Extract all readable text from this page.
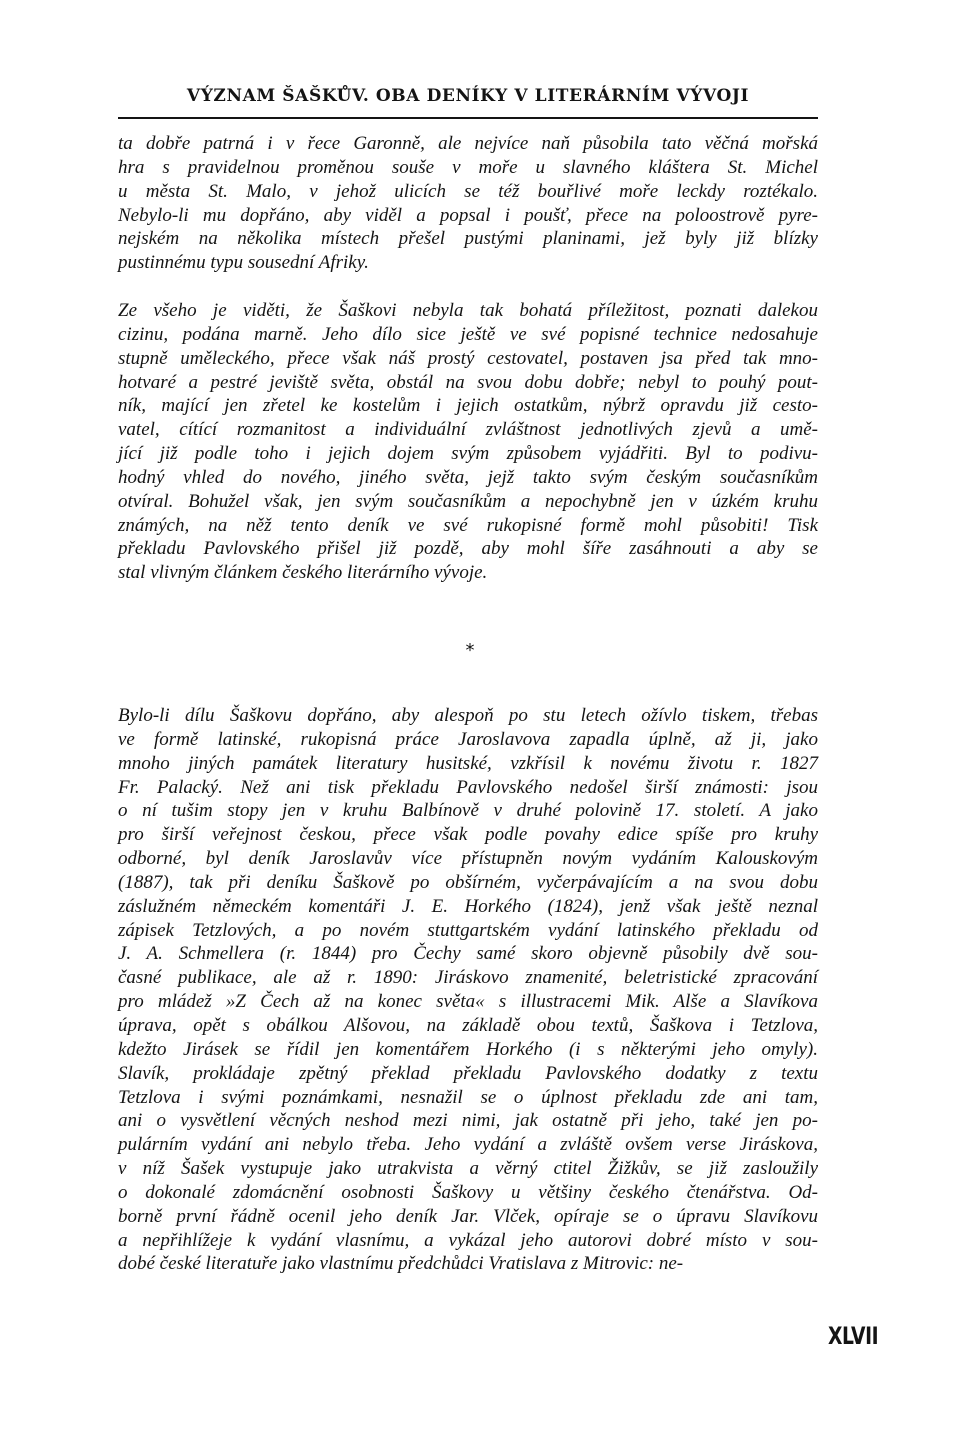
VÝZNAM ŠAŠKŮV. OBA DENÍKY V LITERÁRNÍM VÝVOJI
ta dobře patrná i v řece Garonně, ale nejvíce naň působila tato věčná mořská
hra s pravidelnou proměnou souše v moře u slavného kláštera St. Michel
u města St. Malo, v jehož ulicích se též bouřlivé moře leckdy roztékalo.
Nebylo-li mu dopřáno, aby viděl a popsal i poušť, přece na poloostrově pyre-
nejském na několika místech přešel pustými planinami, jež byly již blízky
pustinnému typu sousední Afriky.
Ze všeho je viděti, že Šaškovi nebyla tak bohatá příležitost, poznati dalekou
cizinu, podána marně. Jeho dílo sice ještě ve své popisné technice nedosahuje
stupně uměleckého, přece však náš prostý cestovatel, postaven jsa před tak mno-
hotvaré a pestré jeviště světa, obstál na svou dobu dobře; nebyl to pouhý pout-
ník, mající jen zřetel ke kostelům i jejich ostatkům, nýbrž opravdu již cesto-
vatel, cítící rozmanitost a individuální zvláštnost jednotlivých zjevů a umě-
jící již podle toho i jejich dojem svým způsobem vyjádřiti. Byl to podivu-
hodný vhled do nového, jiného světa, jejž takto svým českým současníkům
otvíral. Bohužel však, jen svým současníkům a nepochybně jen v úzkém kruhu
známých, na něž tento deník ve své rukopisné formě mohl působiti! Tisk
překladu Pavlovského přišel již pozdě, aby mohl šíře zasáhnouti a aby se
stal vlivným článkem českého literárního vývoje.
*
Bylo-li dílu Šaškovu dopřáno, aby alespoň po stu letech ožívlo tiskem, třebas
ve formě latinské, rukopisná práce Jaroslavova zapadla úplně, až ji, jako
mnoho jiných památek literatury husitské, vzkřísil k novému životu r. 1827
Fr. Palacký. Než ani tisk překladu Pavlovského nedošel širší známosti: jsou
o ní tušim stopy jen v kruhu Balbínově v druhé polovině 17. století. A jako
pro širší veřejnost českou, přece však podle povahy edice spíše pro kruhy
odborné, byl deník Jaroslavův více přístupněn novým vydáním Kalouskovým
(1887), tak při deníku Šaškově po obšírném, vyčerpávajícím a na svou dobu
záslužném německém komentáři J. E. Horkého (1824), jenž však ještě neznal
zápisek Tetzlových, a po novém stuttgartském vydání latinského překladu od
J. A. Schmellera (r. 1844) pro Čechy samé skoro objevně působily dvě sou-
časné publikace, ale až r. 1890: Jiráskovo znamenité, beletristické zpracování
pro mládež »Z Čech až na konec světa« s illustracemi Mik. Alše a Slavíkova
úprava, opět s obálkou Alšovou, na základě obou textů, Šaškova i Tetzlova,
kdežto Jirásek se řídil jen komentářem Horkého (i s některými jeho omyly).
Slavík, prokládaje zpětný překlad překladu Pavlovského dodatky z textu
Tetzlova i svými poznámkami, nesnažil se o úplnost překladu zde ani tam,
ani o vysvětlení věcných neshod mezi nimi, jak ostatně při jeho, také jen po-
pulárním vydání ani nebylo třeba. Jeho vydání a zvláště ovšem verse Jiráskova,
v níž Šašek vystupuje jako utrakvista a věrný ctitel Žižkův, se již zasloužily
o dokonalé zdomácnění osobnosti Šaškovy u většiny českého čtenářstva. Od-
borně první řádně ocenil jeho deník Jar. Vlček, opíraje se o úpravu Slavíkovu
a nepřihlížeje k vydání vlasnímu, a vykázal jeho autorovi dobré místo v sou-
dobé české literatuře jako vlastnímu předchůdci Vratislava z Mitrovic: ne-
XLVII
